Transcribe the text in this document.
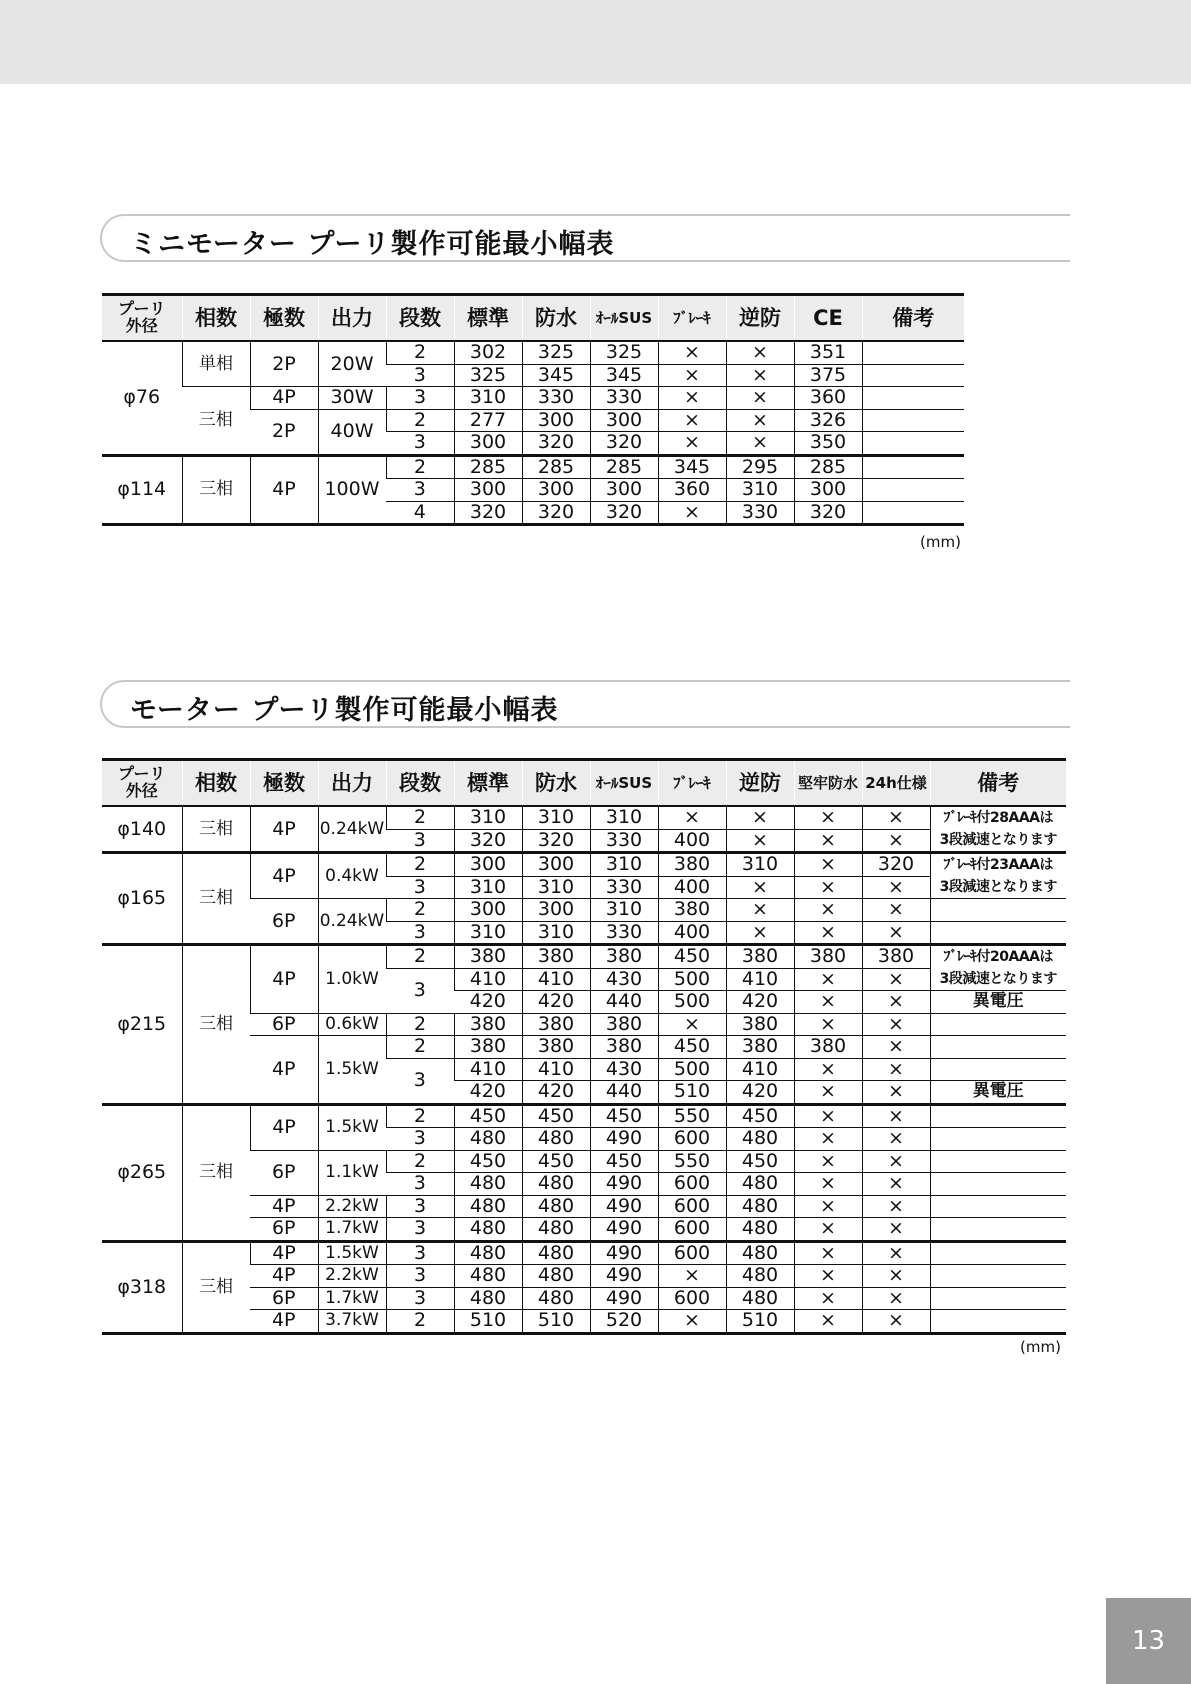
ミニモーター プーリ製作可能最小幅表
プーリ
外径	相数	極数	出力	段数	標準	防水	ｵｰﾙSUS	ﾌﾞﾚｰｷ	逆防	CE	備考
φ76	単相	2P	20W	2	302	325	325	×	×	351	
				3	325	345	345	×	×	375	
	三相	4P	30W	3	310	330	330	×	×	360	
		2P	40W	2	277	300	300	×	×	326	
				3	300	320	320	×	×	350	
φ114	三相	4P	100W	2	285	285	285	345	295	285	
				3	300	300	300	360	310	300	
				4	320	320	320	×	330	320	
(mm)
モーター プーリ製作可能最小幅表
プーリ
外径	相数	極数	出力	段数	標準	防水	ｵｰﾙSUS	ﾌﾞﾚｰｷ	逆防	堅牢防水	24h仕様	備考
φ140	三相	4P	0.24kW	2	310	310	310	×	×	×	×	ﾌﾞﾚｰｷ付28AAAは
				3	320	320	330	400	×	×	×	3段減速となります
φ165	三相	4P	0.4kW	2	300	300	310	380	310	×	320	ﾌﾞﾚｰｷ付23AAAは
				3	310	310	330	400	×	×	×	3段減速となります
		6P	0.24kW	2	300	300	310	380	×	×	×	
				3	310	310	330	400	×	×	×	
φ215	三相	4P	1.0kW	2	380	380	380	450	380	380	380	ﾌﾞﾚｰｷ付20AAAは
				3	410	410	430	500	410	×	×	3段減速となります
					420	420	440	500	420	×	×	異電圧
		6P	0.6kW	2	380	380	380	×	380	×	×	
		4P	1.5kW	2	380	380	380	450	380	380	×	
				3	410	410	430	500	410	×	×	
					420	420	440	510	420	×	×	異電圧
φ265	三相	4P	1.5kW	2	450	450	450	550	450	×	×	
				3	480	480	490	600	480	×	×	
		6P	1.1kW	2	450	450	450	550	450	×	×	
				3	480	480	490	600	480	×	×	
		4P	2.2kW	3	480	480	490	600	480	×	×	
		6P	1.7kW	3	480	480	490	600	480	×	×	
φ318	三相	4P	1.5kW	3	480	480	490	600	480	×	×	
		4P	2.2kW	3	480	480	490	×	480	×	×	
		6P	1.7kW	3	480	480	490	600	480	×	×	
		4P	3.7kW	2	510	510	520	×	510	×	×	
(mm)
13
